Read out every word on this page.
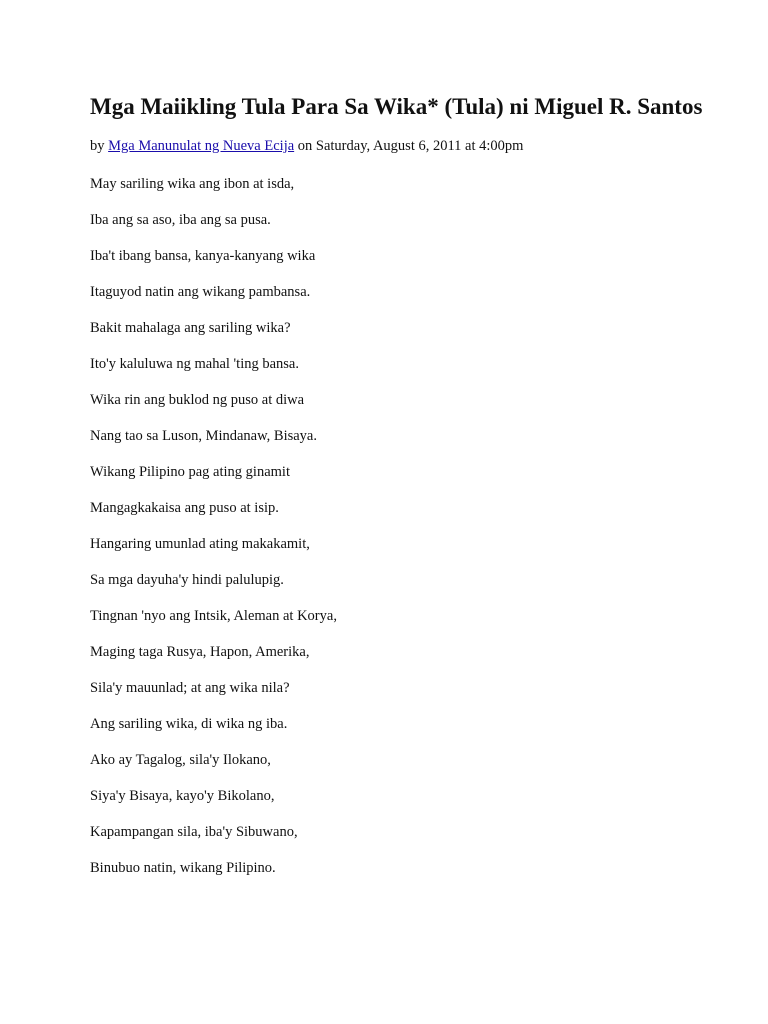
Mga Maiikling Tula Para Sa Wika* (Tula) ni Miguel R. Santos

by Mga Manunulat ng Nueva Ecija on Saturday, August 6, 2011 at 4:00pm

May sariling wika ang ibon at isda,
Iba ang sa aso, iba ang sa pusa.
Iba't ibang bansa, kanya-kanyang wika
Itaguyod natin ang wikang pambansa.
Bakit mahalaga ang sariling wika?
Ito'y kaluluwa ng mahal 'ting bansa.
Wika rin ang buklod ng puso at diwa
Nang tao sa Luson, Mindanaw, Bisaya.
Wikang Pilipino pag ating ginamit
Mangagkakaisa ang puso at isip.
Hangaring umunlad ating makakamit,
Sa mga dayuha'y hindi palulupig.
Tingnan 'nyo ang Intsik, Aleman at Korya,
Maging taga Rusya, Hapon, Amerika,
Sila'y mauunlad; at ang wika nila?
Ang sariling wika, di wika ng iba.
Ako ay Tagalog, sila'y Ilokano,
Siya'y Bisaya, kayo'y Bikolano,
Kapampangan sila, iba'y Sibuwano,
Binubuo natin, wikang Pilipino.
